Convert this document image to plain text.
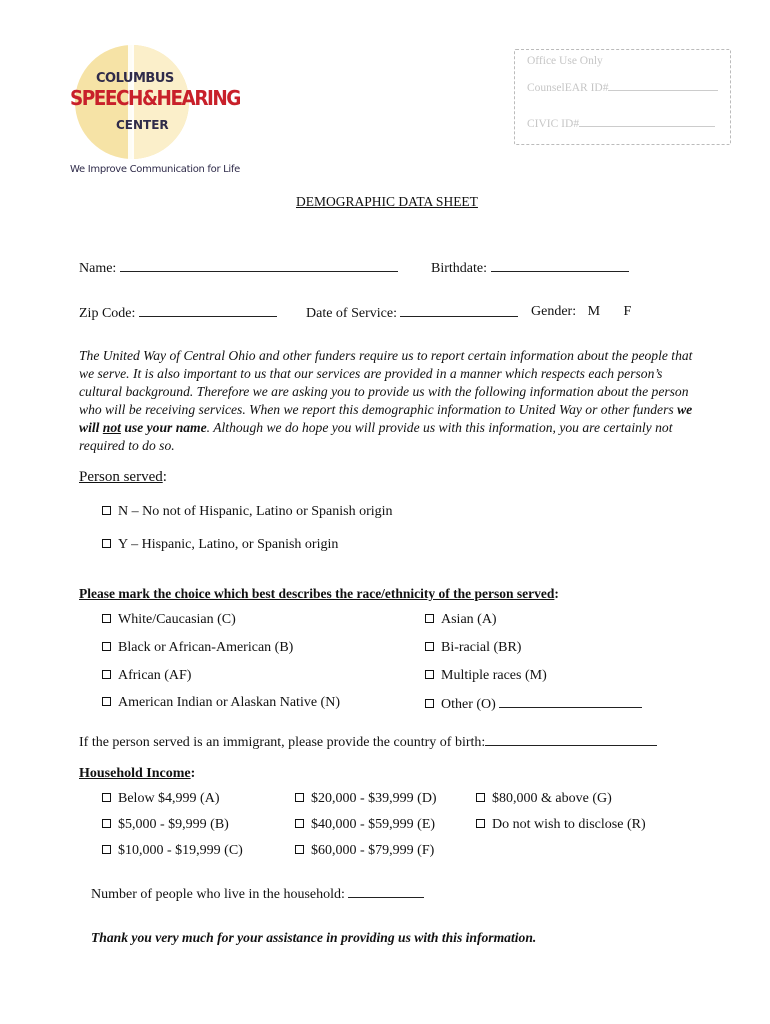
COLUMBUS
SPEECH&HEARING
CENTER
We Improve Communication for Life
Office Use Only
CounselEAR ID#
CIVIC ID#
DEMOGRAPHIC DATA SHEET
Name:	Birthdate:
Zip Code:	Date of Service:	Gender: M F
The United Way of Central Ohio and other funders require us to report certain information about the people that we serve. It is also important to us that our services are provided in a manner which respects each person’s cultural background. Therefore we are asking you to provide us with the following information about the person who will be receiving services. When we report this demographic information to United Way or other funders we will not use your name. Although we do hope you will provide us with this information, you are certainly not required to do so.
Person served:
N – No not of Hispanic, Latino or Spanish origin
Y – Hispanic, Latino, or Spanish origin
Please mark the choice which best describes the race/ethnicity of the person served:
White/Caucasian (C)
Black or African-American (B)
African (AF)
American Indian or Alaskan Native (N)
Asian (A)
Bi-racial (BR)
Multiple races (M)
Other (O)
If the person served is an immigrant, please provide the country of birth:
Household Income:
Below $4,999 (A)
$5,000 - $9,999 (B)
$10,000 - $19,999 (C)
$20,000 - $39,999 (D)
$40,000 - $59,999 (E)
$60,000 - $79,999 (F)
$80,000 & above (G)
Do not wish to disclose (R)
Number of people who live in the household:
Thank you very much for your assistance in providing us with this information.
